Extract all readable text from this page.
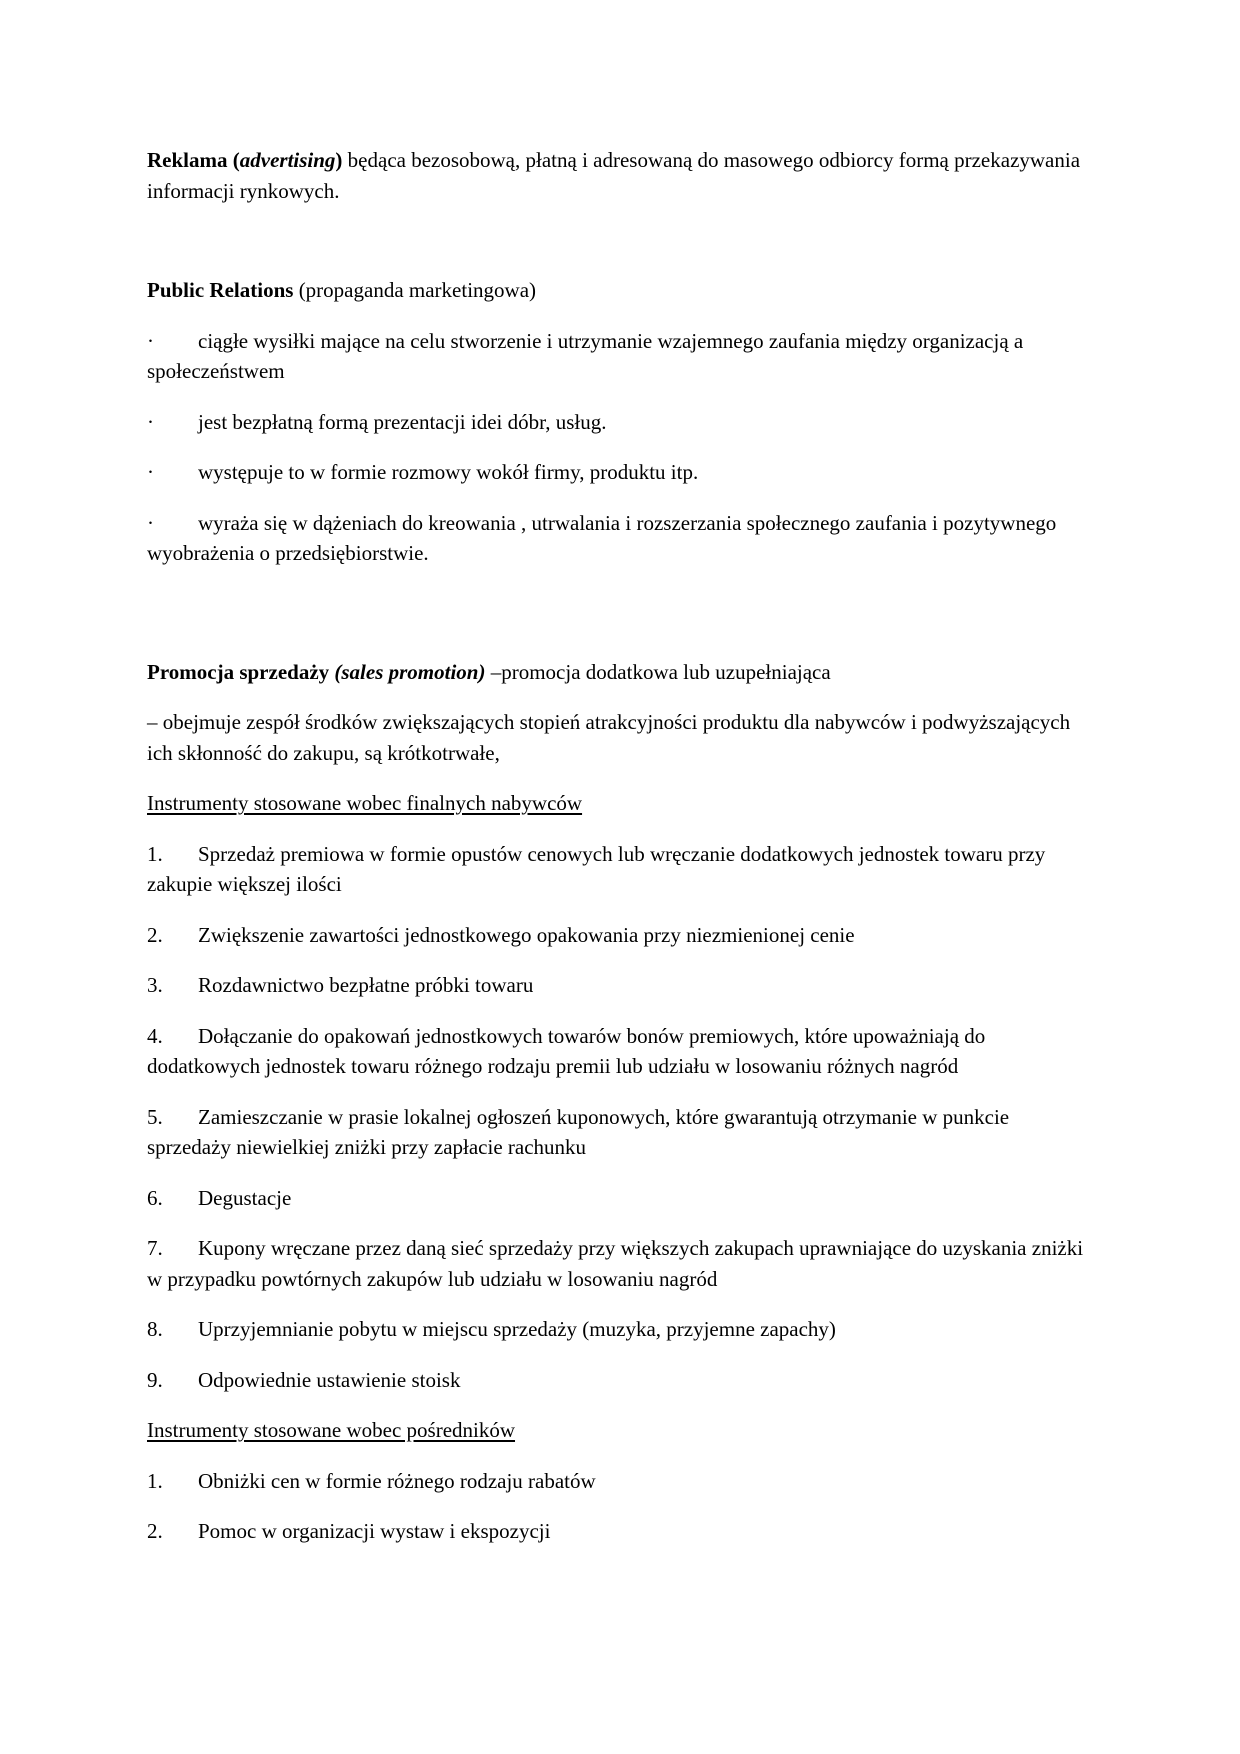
Reklama (advertising) będąca bezosobową, płatną i adresowaną do masowego odbiorcy formą przekazywania informacji rynkowych.

Public Relations (propaganda marketingowa)

· ciągłe wysiłki mające na celu stworzenie i utrzymanie wzajemnego zaufania między organizacją a społeczeństwem

· jest bezpłatną formą prezentacji idei dóbr, usług.

· występuje to w formie rozmowy wokół firmy, produktu itp.

· wyraża się w dążeniach do kreowania , utrwalania i rozszerzania społecznego zaufania i pozytywnego wyobrażenia o przedsiębiorstwie.

Promocja sprzedaży (sales promotion) –promocja dodatkowa lub uzupełniająca

– obejmuje zespół środków zwiększających stopień atrakcyjności produktu dla nabywców i podwyższających ich skłonność do zakupu, są krótkotrwałe,

Instrumenty stosowane wobec finalnych nabywców

1. Sprzedaż premiowa w formie opustów cenowych lub wręczanie dodatkowych jednostek towaru przy zakupie większej ilości

2. Zwiększenie zawartości jednostkowego opakowania przy niezmienionej cenie

3. Rozdawnictwo bezpłatne próbki towaru

4. Dołączanie do opakowań jednostkowych towarów bonów premiowych, które upoważniają do dodatkowych jednostek towaru różnego rodzaju premii lub udziału w losowaniu różnych nagród

5. Zamieszczanie w prasie lokalnej ogłoszeń kuponowych, które gwarantują otrzymanie w punkcie sprzedaży niewielkiej zniżki przy zapłacie rachunku

6. Degustacje

7. Kupony wręczane przez daną sieć sprzedaży przy większych zakupach uprawniające do uzyskania zniżki w przypadku powtórnych zakupów lub udziału w losowaniu nagród

8. Uprzyjemnianie pobytu w miejscu sprzedaży (muzyka, przyjemne zapachy)

9. Odpowiednie ustawienie stoisk

Instrumenty stosowane wobec pośredników

1. Obniżki cen w formie różnego rodzaju rabatów

2. Pomoc w organizacji wystaw i ekspozycji
